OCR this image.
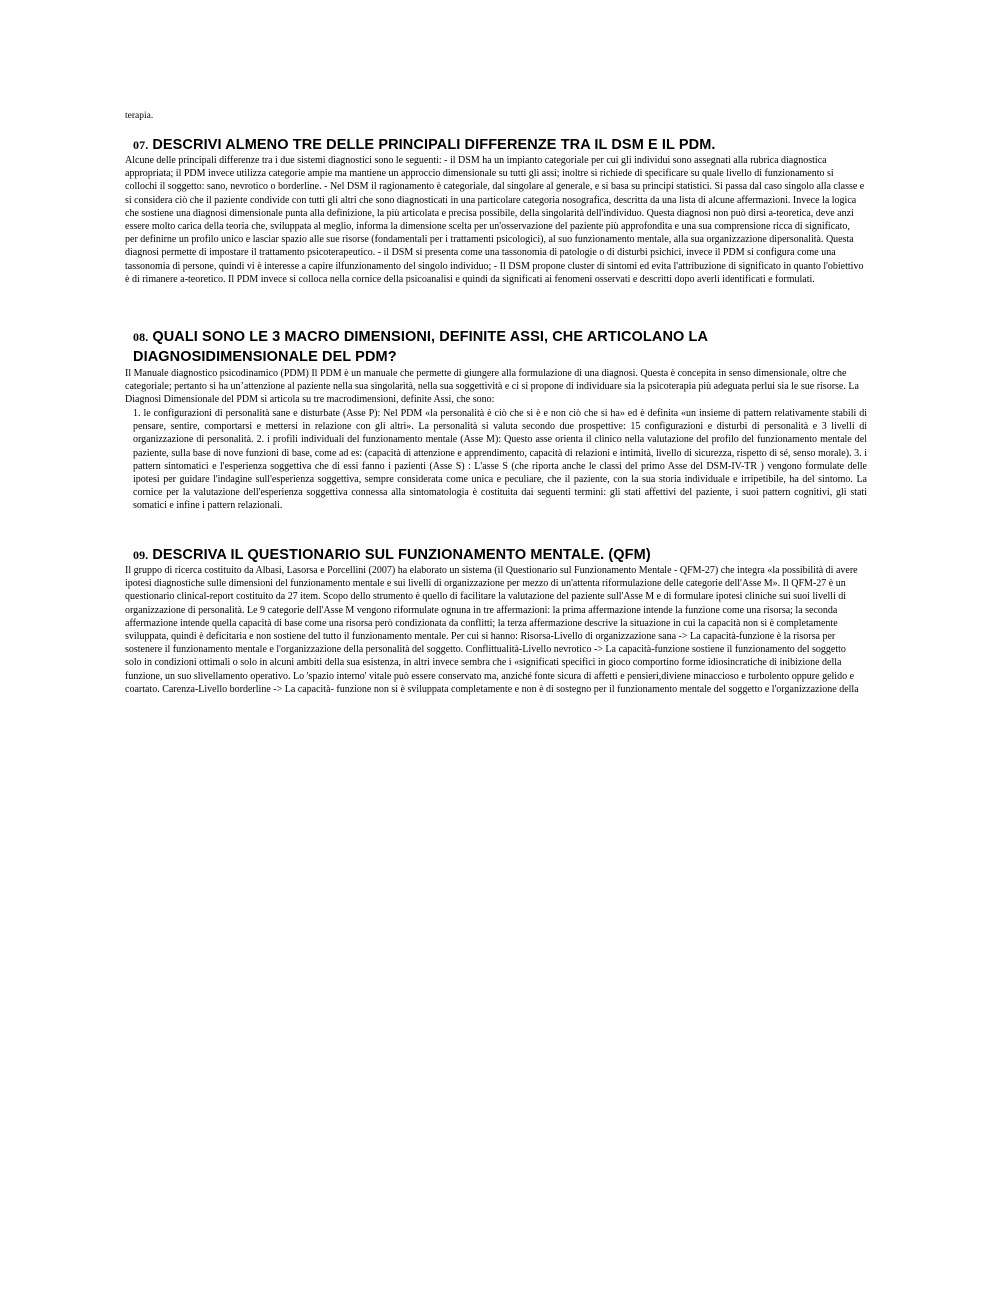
terapia.
07. DESCRIVI ALMENO TRE DELLE PRINCIPALI DIFFERENZE TRA IL DSM E IL PDM.
Alcune delle principali differenze tra i due sistemi diagnostici sono le seguenti: - il DSM ha un impianto categoriale per cui gli individui sono assegnati alla rubrica diagnostica appropriata; il PDM invece utilizza categorie ampie ma mantiene un approccio dimensionale su tutti gli assi; inoltre si richiede di specificare su quale livello di funzionamento si collochi il soggetto: sano, nevrotico o borderline. - Nel DSM il ragionamento è categoriale, dal singolare al generale, e si basa su principi statistici. Si passa dal caso singolo alla classe e si considera ciò che il paziente condivide con tutti gli altri che sono diagnosticati in una particolare categoria nosografica, descritta da una lista di alcune affermazioni. Invece la logica che sostiene una diagnosi dimensionale punta alla definizione, la più articolata e precisa possibile, della singolarità dell'individuo. Questa diagnosi non può dirsi a-teoretica, deve anzi essere molto carica della teoria che, sviluppata al meglio, informa la dimensione scelta per un'osservazione del paziente più approfondita e una sua comprensione ricca di significato, per definirne un profilo unico e lasciar spazio alle sue risorse (fondamentali per i trattamenti psicologici), al suo funzionamento mentale, alla sua organizzazione dipersonalità. Questa diagnosi permette di impostare il trattamento psicoterapeutico. - il DSM si presenta come una tassonomia di patologie o di disturbi psichici, invece il PDM si configura come una tassonomia di persone, quindi vi è interesse a capire ilfunzionamento del singolo individuo; - Il DSM propone cluster di sintomi ed evita l'attribuzione di significato in quanto l'obiettivo è di rimanere a-teoretico. Il PDM invece si colloca nella cornice della psicoanalisi e quindi da significati ai fenomeni osservati e descritti dopo averli identificati e formulati.
08. QUALI SONO LE 3 MACRO DIMENSIONI, DEFINITE ASSI, CHE ARTICOLANO LA
DIAGNOSIDIMENSIONALE DEL PDM?
Il Manuale diagnostico psicodinamico (PDM) Il PDM è un manuale che permette di giungere alla formulazione di una diagnosi. Questa è concepita in senso dimensionale, oltre che categoriale; pertanto si ha un’attenzione al paziente nella sua singolarità, nella sua soggettività e ci si propone di individuare sia la psicoterapia più adeguata perlui sia le sue risorse. La Diagnosi Dimensionale del PDM si articola su tre macrodimensioni, definite Assi, che sono:
1. le configurazioni di personalità sane e disturbate (Asse P): Nel PDM «la personalità è ciò che si è e non ciò che si ha» ed è definita «un insieme di pattern relativamente stabili di pensare, sentire, comportarsi e mettersi in relazione con gli altri». La personalità si valuta secondo due prospettive: 15 configurazioni e disturbi di personalità e 3 livelli di organizzazione di personalità. 2. i profili individuali del funzionamento mentale (Asse M): Questo asse orienta il clinico nella valutazione del profilo del funzionamento mentale del paziente, sulla base di nove funzioni di base, come ad es: (capacità di attenzione e apprendimento, capacità di relazioni e intimità, livello di sicurezza, rispetto di sé, senso morale). 3. i pattern sintomatici e l'esperienza soggettiva che di essi fanno i pazienti (Asse S) : L'asse S (che riporta anche le classi del primo Asse del DSM-IV-TR ) vengono formulate delle ipotesi per guidare l'indagine sull'esperienza soggettiva, sempre considerata come unica e peculiare, che il paziente, con la sua storia individuale e irripetibile, ha del sintomo. La cornice per la valutazione dell'esperienza soggettiva connessa alla sintomatologia è costituita dai seguenti termini: gli stati affettivi del paziente, i suoi pattern cognitivi, gli stati somatici e infine i pattern relazionali.
09. DESCRIVA IL QUESTIONARIO SUL FUNZIONAMENTO MENTALE. (QFM)
Il gruppo di ricerca costituito da Albasi, Lasorsa e Porcellini (2007) ha elaborato un sistema (il Questionario sul Funzionamento Mentale - QFM-27) che integra «la possibilità di avere ipotesi diagnostiche sulle dimensioni del funzionamento mentale e sui livelli di organizzazione per mezzo di un'attenta riformulazione delle categorie dell'Asse M». Il QFM-27 è un questionario clinical-report costituito da 27 item. Scopo dello strumento è quello di facilitare la valutazione del paziente sull'Asse M e di formulare ipotesi cliniche sui suoi livelli di organizzazione di personalità. Le 9 categorie dell'Asse M vengono riformulate ognuna in tre affermazioni: la prima affermazione intende la funzione come una risorsa; la seconda affermazione intende quella capacità di base come una risorsa però condizionata da conflitti; la terza affermazione descrive la situazione in cui la capacità non si è completamente sviluppata, quindi è deficitaria e non sostiene del tutto il funzionamento mentale. Per cui si hanno: Risorsa-Livello di organizzazione sana -> La capacità-funzione è la risorsa per sostenere il funzionamento mentale e l'organizzazione della personalità del soggetto. Conflittualità-Livello nevrotico -> La capacità-funzione sostiene il funzionamento del soggetto solo in condizioni ottimali o solo in alcuni ambiti della sua esistenza, in altri invece sembra che i «significati specifici in gioco comportino forme idiosincratiche di inibizione della funzione, un suo slivellamento operativo. Lo 'spazio interno' vitale può essere conservato ma, anziché fonte sicura di affetti e pensieri,diviene minaccioso e turbolento oppure gelido e coartato. Carenza-Livello borderline -> La capacità- funzione non si è sviluppata completamente e non è di sostegno per il funzionamento mentale del soggetto e l'organizzazione della
